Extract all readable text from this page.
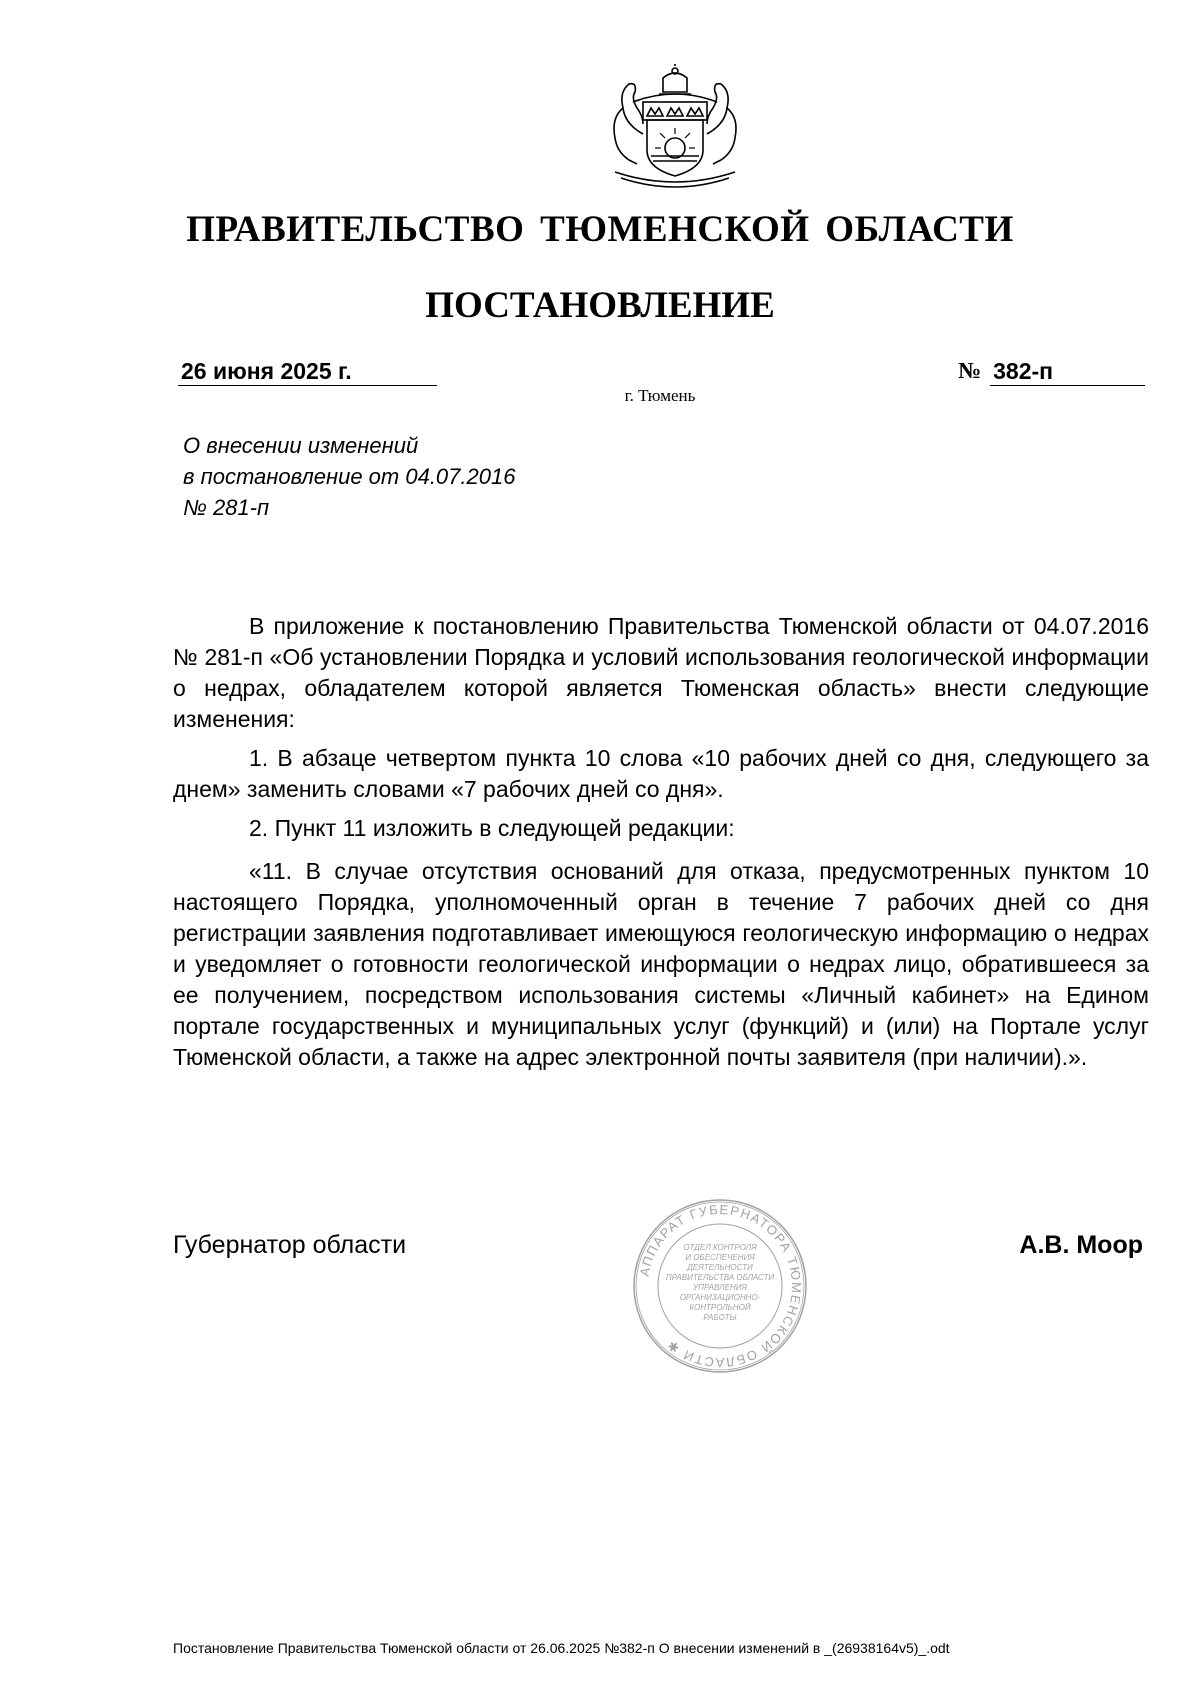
ПРАВИТЕЛЬСТВО ТЮМЕНСКОЙ ОБЛАСТИ
ПОСТАНОВЛЕНИЕ
26 июня 2025 г.	№ 382-п
г. Тюмень
О внесении изменений
в постановление от 04.07.2016
№ 281-п

В приложение к постановлению Правительства Тюменской области от 04.07.2016 № 281-п «Об установлении Порядка и условий использования геологической информации о недрах, обладателем которой является Тюменская область» внести следующие изменения:

1. В абзаце четвертом пункта 10 слова «10 рабочих дней со дня, следующего за днем» заменить словами «7 рабочих дней со дня».

2. Пункт 11 изложить в следующей редакции:

«11. В случае отсутствия оснований для отказа, предусмотренных пунктом 10 настоящего Порядка, уполномоченный орган в течение 7 рабочих дней со дня регистрации заявления подготавливает имеющуюся геологическую информацию о недрах и уведомляет о готовности геологической информации о недрах лицо, обратившееся за ее получением, посредством использования системы «Личный кабинет» на Едином портале государственных и муниципальных услуг (функций) и (или) на Портале услуг Тюменской области, а также на адрес электронной почты заявителя (при наличии).».

Губернатор области
АППАРАТ ГУБЕРНАТОРА ТЮМЕНСКОЙ ОБЛАСТИ ✱
ОТДЕЛ КОНТРОЛЯ
И ОБЕСПЕЧЕНИЯ
ДЕЯТЕЛЬНОСТИ
ПРАВИТЕЛЬСТВА ОБЛАСТИ
УПРАВЛЕНИЯ
ОРГАНИЗАЦИОННО-
КОНТРОЛЬНОЙ
РАБОТЫ
А.В. Моор
Постановление Правительства Тюменской области от 26.06.2025 №382-п О внесении изменений в _(26938164v5)_.odt
